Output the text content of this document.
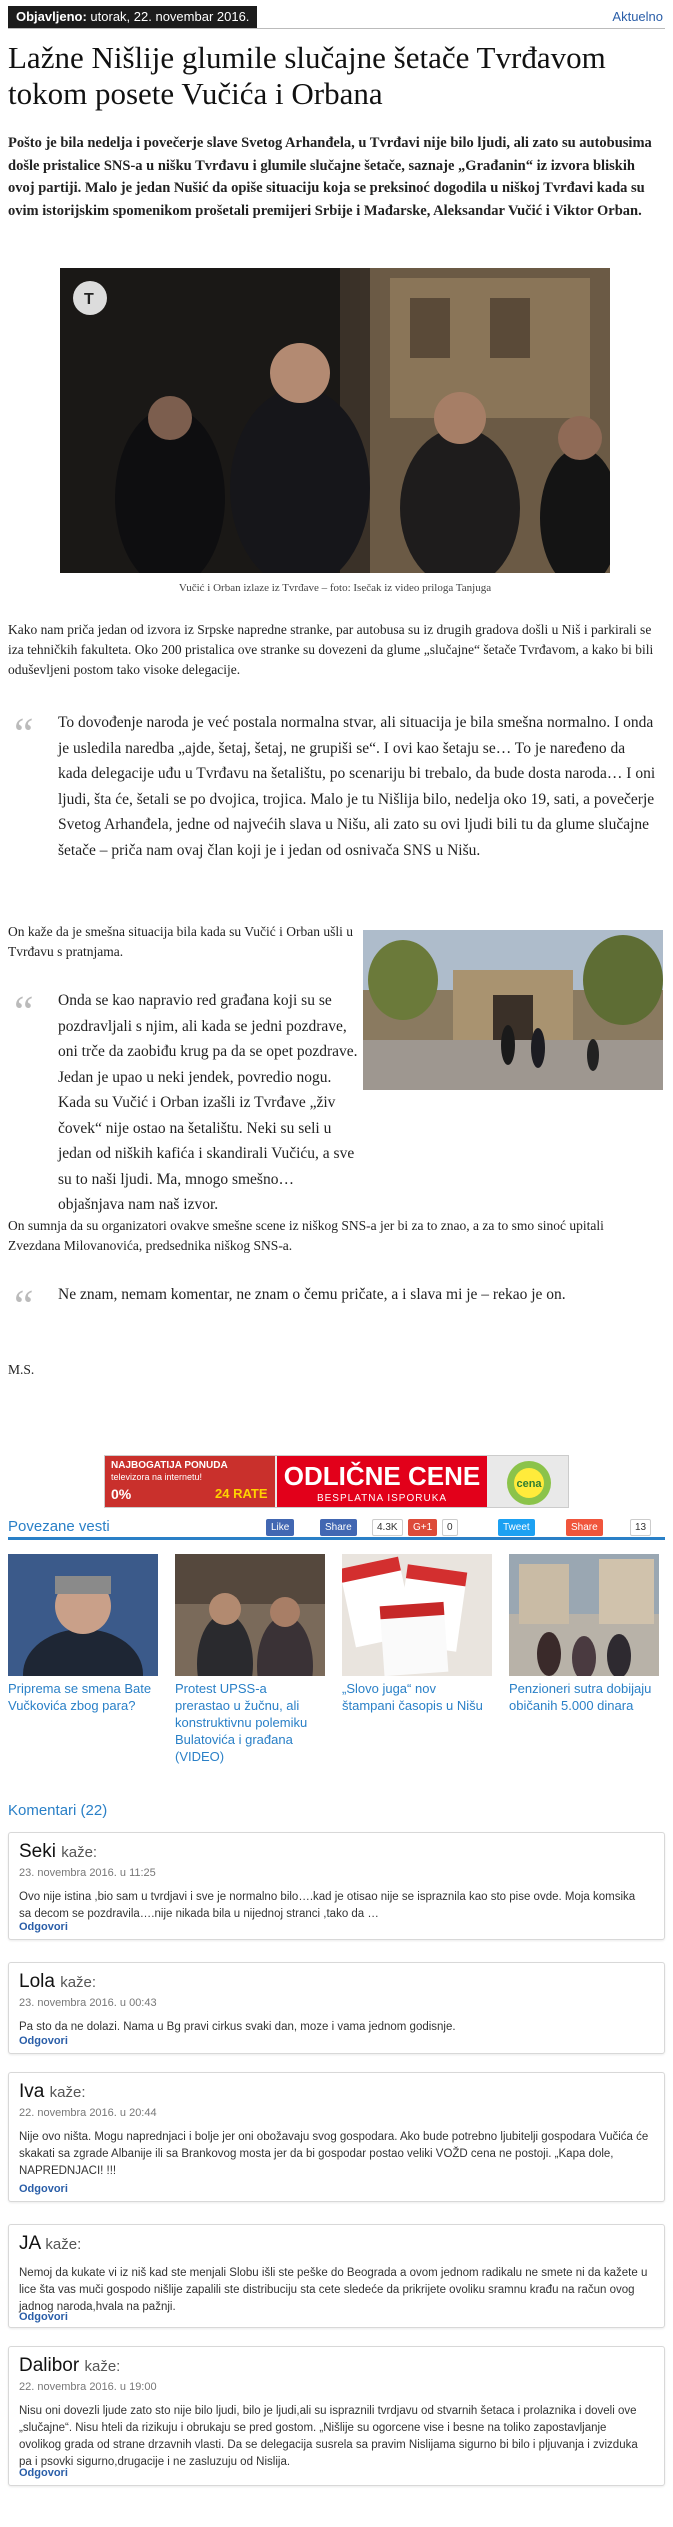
Objavljeno: utorak, 22. novembar 2016.	Aktuelno
Lažne Nišlije glumile slučajne šetače Tvrđavom tokom posete Vučića i Orbana

Pošto je bila nedelja i povečerje slave Svetog Arhanđela, u Tvrđavi nije bilo ljudi, ali zato su autobusima došle pristalice SNS-a u nišku Tvrđavu i glumile slučajne šetače, saznaje „Građanin“ iz izvora bliskih ovoj partiji. Malo je jedan Nušić da opiše situaciju koja se preksinoć dogodila u niškoj Tvrđavi kada su ovim istorijskim spomenikom prošetali premijeri Srbije i Mađarske, Aleksandar Vučić i Viktor Orban.

T
Vučić i Orban izlaze iz Tvrđave – foto: Isečak iz video priloga Tanjuga

Kako nam priča jedan od izvora iz Srpske napredne stranke, par autobusa su iz drugih gradova došli u Niš i parkirali se iza tehničkih fakulteta. Oko 200 pristalica ove stranke su dovezeni da glume „slučajne“ šetače Tvrđavom, a kako bi bili oduševljeni postom tako visoke delegacije.

“ To dovođenje naroda je već postala normalna stvar, ali situacija je bila smešna normalno. I onda je usledila naredba „ajde, šetaj, šetaj, ne grupiši se“. I ovi kao šetaju se… To je naređeno da kada delegacije uđu u Tvrđavu na šetalištu, po scenariju bi trebalo, da bude dosta naroda… I oni ljudi, šta će, šetali se po dvojica, trojica. Malo je tu Nišlija bilo, nedelja oko 19, sati, a povečerje Svetog Arhanđela, jedne od najvećih slava u Nišu, ali zato su ovi ljudi bili tu da glume slučajne šetače – priča nam ovaj član koji je i jedan od osnivača SNS u Nišu.

On kaže da je smešna situacija bila kada su Vučić i Orban ušli u Tvrđavu s pratnjama.

“ Onda se kao napravio red građana koji su se pozdravljali s njim, ali kada se jedni pozdrave, oni trče da zaobiđu krug pa da se opet pozdrave. Jedan je upao u neki jendek, povredio nogu. Kada su Vučić i Orban izašli iz Tvrđave „živ čovek“ nije ostao na šetalištu. Neki su seli u jedan od niških kafića i skandirali Vučiću, a sve su to naši ljudi. Ma, mnogo smešno… objašnjava nam naš izvor.

On sumnja da su organizatori ovakve smešne scene iz niškog SNS-a jer bi za to znao, a za to smo sinoć upitali Zvezdana Milovanovića, predsednika niškog SNS-a.

“ Ne znam, nemam komentar, ne znam o čemu pričate, a i slava mi je – rekao je on.

M.S.
NAJBOGATIJA PONUDA
televizora na internetu!
0%	24 RATE
ODLIČNE CENE
BESPLATNA ISPORUKA
cena
Povezane vesti	Like	Share	4.3K	G+1	0	Tweet	Share	13
Priprema se smena Bate Vučkovića zbog para?
Protest UPSS-a prerastao u žučnu, ali konstruktivnu polemiku Bulatovića i građana (VIDEO)
„Slovo juga“ nov štampani časopis u Nišu
Penzioneri sutra dobijaju običanih 5.000 dinara
Komentari (22)
Seki kaže:
23. novembra 2016. u 11:25
Ovo nije istina ,bio sam u tvrdjavi i sve je normalno bilo….kad je otisao nije se ispraznila kao sto pise ovde. Moja komsika sa decom se pozdravila….nije nikada bila u nijednoj stranci ,tako da …
Odgovori
Lola kaže:
23. novembra 2016. u 00:43
Pa sto da ne dolazi. Nama u Bg pravi cirkus svaki dan, moze i vama jednom godisnje.
Odgovori
Iva kaže:
22. novembra 2016. u 20:44
Nije ovo ništa. Mogu naprednjaci i bolje jer oni obožavaju svog gospodara. Ako bude potrebno ljubitelji gospodara Vučića će skakati sa zgrade Albanije ili sa Brankovog mosta jer da bi gospodar postao veliki VOŽD cena ne postoji. „Kapa dole, NAPREDNJACI! !!!
Odgovori
JA kaže:
Nemoj da kukate vi iz niš kad ste menjali Slobu išli ste peške do Beograda a ovom jednom radikalu ne smete ni da kažete u lice šta vas muči gospodo nišlije zapalili ste distribuciju sta cete sledeće da prikrijete ovoliku sramnu krađu na račun ovog jadnog naroda,hvala na pažnji.
Odgovori
Dalibor kaže:
22. novembra 2016. u 19:00
Nisu oni dovezli ljude zato sto nije bilo ljudi, bilo je ljudi,ali su ispraznili tvrdjavu od stvarnih šetaca i prolaznika i doveli ove „slučajne“. Nisu hteli da rizikuju i obrukaju se pred gostom. „Nišlije su ogorcene vise i besne na toliko zapostavljanje ovolikog grada od strane drzavnih vlasti. Da se delegacija susrela sa pravim Nislijama sigurno bi bilo i pljuvanja i zvizduka pa i psovki sigurno,drugacije i ne zasluzuju od Nislija.
Odgovori
